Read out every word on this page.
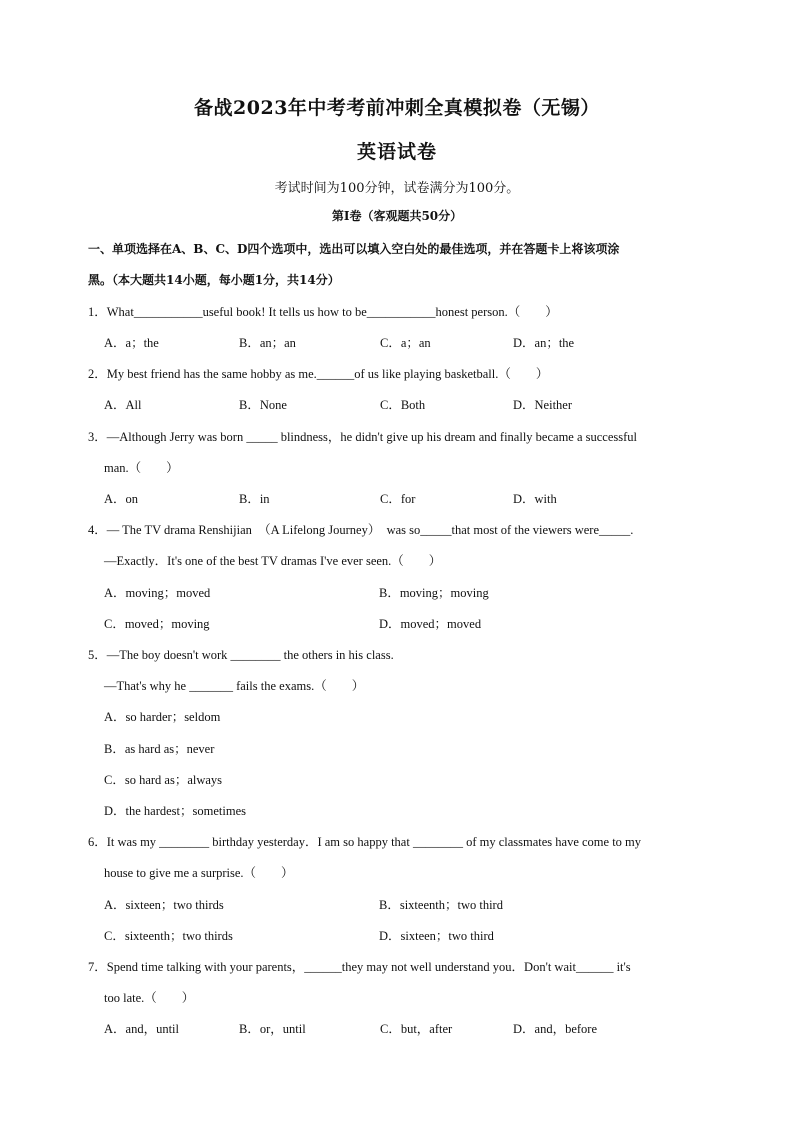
备战2023年中考考前冲刺全真模拟卷（无锡）
英语试卷
考试时间为100分钟，试卷满分为100分。
第I卷（客观题共50分）
一、单项选择在A、B、C、D四个选项中，选出可以填入空白处的最佳选项，并在答题卡上将该项涂
黑。（本大题共14小题，每小题1分，共14分）
1．What___________useful book! It tells us how to be___________honest person.（　　）
A．a；the	B．an；an	C．a；an	D．an；the
2．My best friend has the same hobby as me.______of us like playing basketball.（　　）
A．All	B．None	C．Both	D．Neither
3．—Although Jerry was born _____ blindness，he didn't give up his dream and finally became a successful
man.（　　）
A．on	B．in	C．for	D．with
4．— The TV drama Renshijian　（A Lifelong Journey）　was so_____that most of the viewers were_____.
—Exactly．It's one of the best TV dramas I've ever seen.（　　）
A．moving；moved	B．moving；moving
C．moved；moving	D．moved；moved
5．—The boy doesn't work ________ the others in his class.
—That's why he _______ fails the exams.（　　）
A．so harder；seldom
B．as hard as；never
C．so hard as；always
D．the hardest；sometimes
6．It was my ________ birthday yesterday．I am so happy that ________ of my classmates have come to my
house to give me a surprise.（　　）
A．sixteen；two thirds	B．sixteenth；two third
C．sixteenth；two thirds	D．sixteen；two third
7．Spend time talking with your parents，______they may not well understand you．Don't wait______ it's
too late.（　　）
A．and，until	B．or，until	C．but，after	D．and，before
